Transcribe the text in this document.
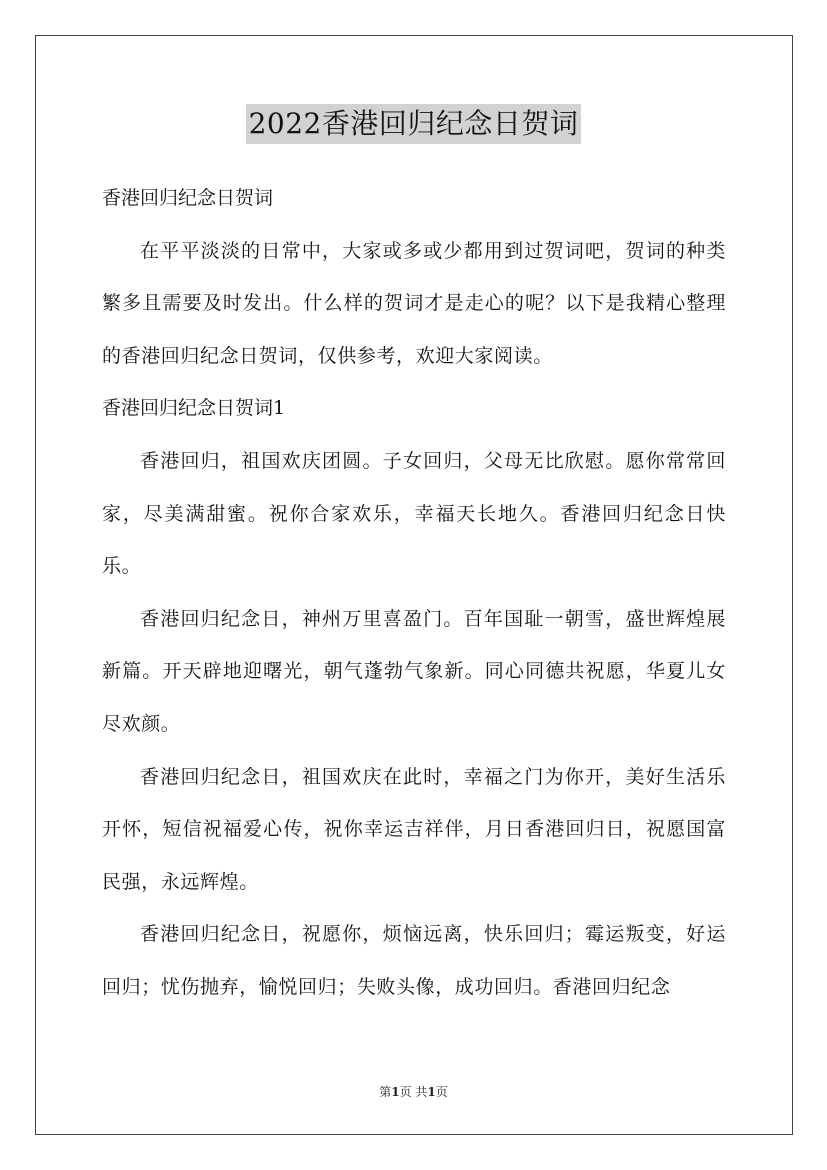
2022香港回归纪念日贺词

香港回归纪念日贺词

在平平淡淡的日常中，大家或多或少都用到过贺词吧，贺词的种类繁多且需要及时发出。什么样的贺词才是走心的呢？以下是我精心整理的香港回归纪念日贺词，仅供参考，欢迎大家阅读。

香港回归纪念日贺词1

香港回归，祖国欢庆团圆。子女回归，父母无比欣慰。愿你常常回家，尽美满甜蜜。祝你合家欢乐，幸福天长地久。香港回归纪念日快乐。

香港回归纪念日，神州万里喜盈门。百年国耻一朝雪，盛世辉煌展新篇。开天辟地迎曙光，朝气蓬勃气象新。同心同德共祝愿，华夏儿女尽欢颜。

香港回归纪念日，祖国欢庆在此时，幸福之门为你开，美好生活乐开怀，短信祝福爱心传，祝你幸运吉祥伴，月日香港回归日，祝愿国富民强，永远辉煌。

香港回归纪念日，祝愿你，烦恼远离，快乐回归；霉运叛变，好运回归；忧伤抛弃，愉悦回归；失败头像，成功回归。香港回归纪念

第1页 共1页
